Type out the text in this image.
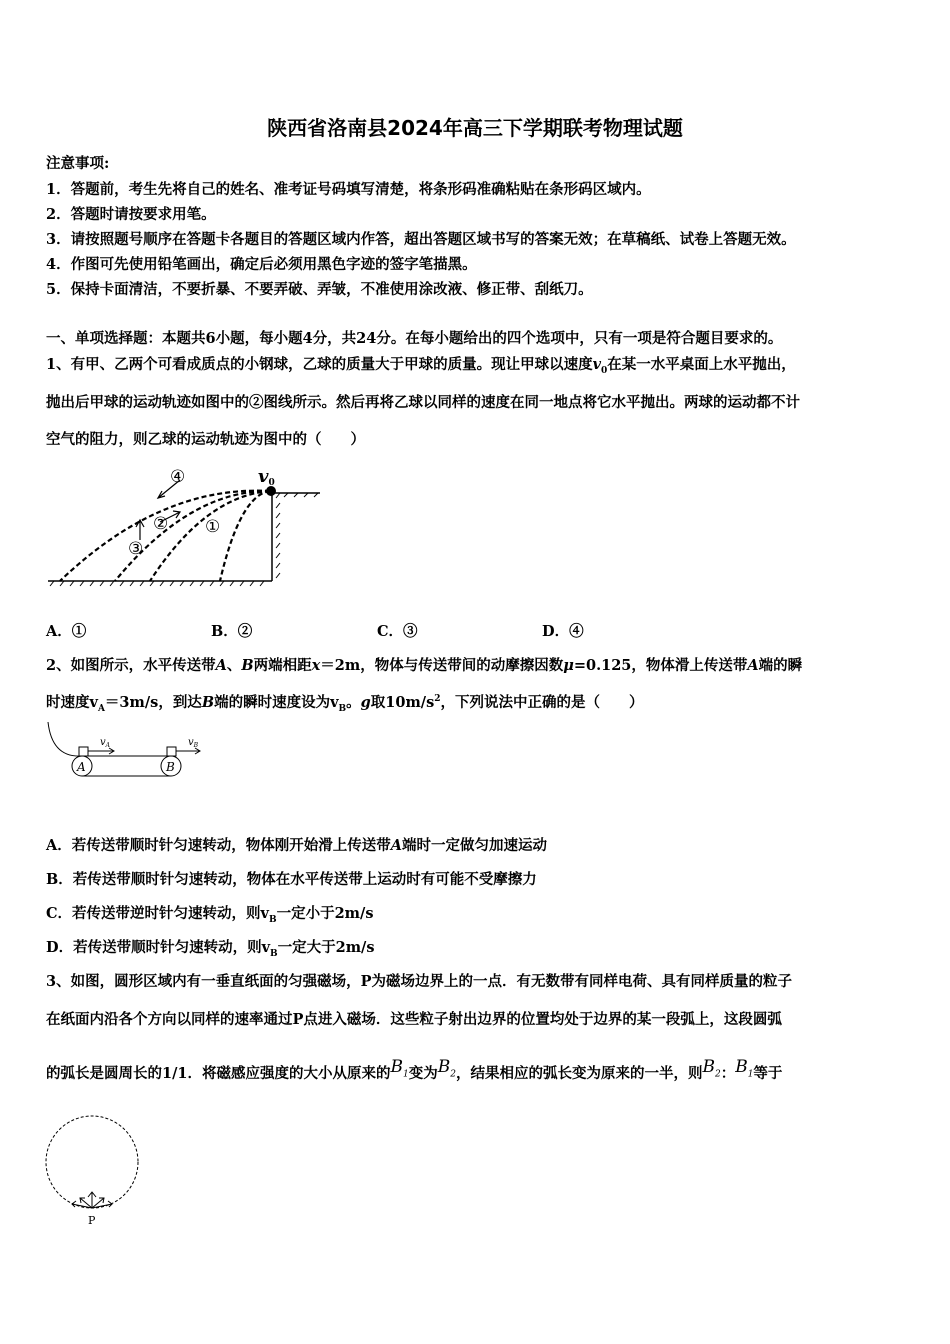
陕西省洛南县2024年高三下学期联考物理试题
注意事项:
1．答题前，考生先将自己的姓名、准考证号码填写清楚，将条形码准确粘贴在条形码区域内。
2．答题时请按要求用笔。
3．请按照题号顺序在答题卡各题目的答题区域内作答，超出答题区域书写的答案无效；在草稿纸、试卷上答题无效。
4．作图可先使用铅笔画出，确定后必须用黑色字迹的签字笔描黑。
5．保持卡面清洁，不要折暴、不要弄破、弄皱，不准使用涂改液、修正带、刮纸刀。
一、单项选择题：本题共6小题，每小题4分，共24分。在每小题给出的四个选项中，只有一项是符合题目要求的。
1、有甲、乙两个可看成质点的小钢球，乙球的质量大于甲球的质量。现让甲球以速度$v_0$在某一水平桌面上水平抛出，
抛出后甲球的运动轨迹如图中的②图线所示。然后再将乙球以同样的速度在同一地点将它水平抛出。两球的运动都不计
空气的阻力，则乙球的运动轨迹为图中的（　　）
v0
④
② ①
③
A．①	B．②	C．③	D．④
2、如图所示，水平传送带A、B两端相距x＝2m，物体与传送带间的动摩擦因数μ=0.125，物体滑上传送带A端的瞬
时速度$v_A=3m/s$，到达B端的瞬时速度设为$v_B$。g取$10m/s^2$，下列说法中正确的是（　　）
$v_A$	$v_B$
A	B
A．若传送带顺时针匀速转动，物体刚开始滑上传送带A端时一定做匀加速运动
B．若传送带顺时针匀速转动，物体在水平传送带上运动时有可能不受摩擦力
C．若传送带逆时针匀速转动，则$v_B$一定小于2m/s
D．若传送带顺时针匀速转动，则$v_B$一定大于2m/s
3、如图，圆形区域内有一垂直纸面的匀强磁场，P为磁场边界上的一点．有无数带有同样电荷、具有同样质量的粒子
在纸面内沿各个方向以同样的速率通过P点进入磁场．这些粒子射出边界的位置均处于边界的某一段弧上，这段圆弧
的弧长是圆周长的1/1．将磁感应强度的大小从原来的$B_1$变为$B_2$，结果相应的弧长变为原来的一半，则$B_2$：$B_1$等于
P
